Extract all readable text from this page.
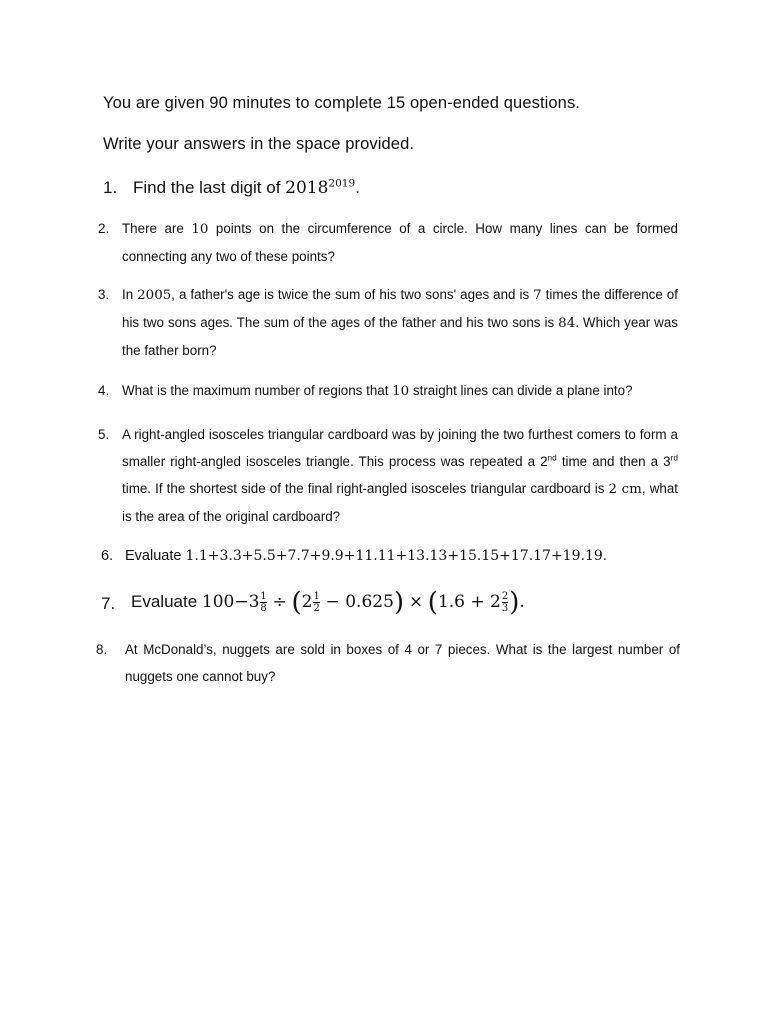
You are given 90 minutes to complete 15 open-ended questions.
Write your answers in the space provided.
1. Find the last digit of $2018^{2019}$.
2. There are 10 points on the circumference of a circle. How many lines can be formed connecting any two of these points?
3. In 2005, a father's age is twice the sum of his two sons' ages and is 7 times the difference of his two sons ages. The sum of the ages of the father and his two sons is 84. Which year was the father born?
4. What is the maximum number of regions that 10 straight lines can divide a plane into?
5. A right-angled isosceles triangular cardboard was by joining the two furthest comers to form a smaller right-angled isosceles triangle. This process was repeated a 2nd time and then a 3rd time. If the shortest side of the final right-angled isosceles triangular cardboard is 2 cm, what is the area of the original cardboard?
6. Evaluate 1.1+3.3+5.5+7.7+9.9+11.11+13.13+15.15+17.17+19.19.
7. Evaluate $100-3 \frac{1}{8} \div (2 \frac{1}{2} - 0.625) \times (1.6 + 2 \frac{2}{3}$ ).
8.	At McDonald’s, nuggets are sold in boxes of 4 or 7 pieces. What is the largest number of nuggets one cannot buy?
